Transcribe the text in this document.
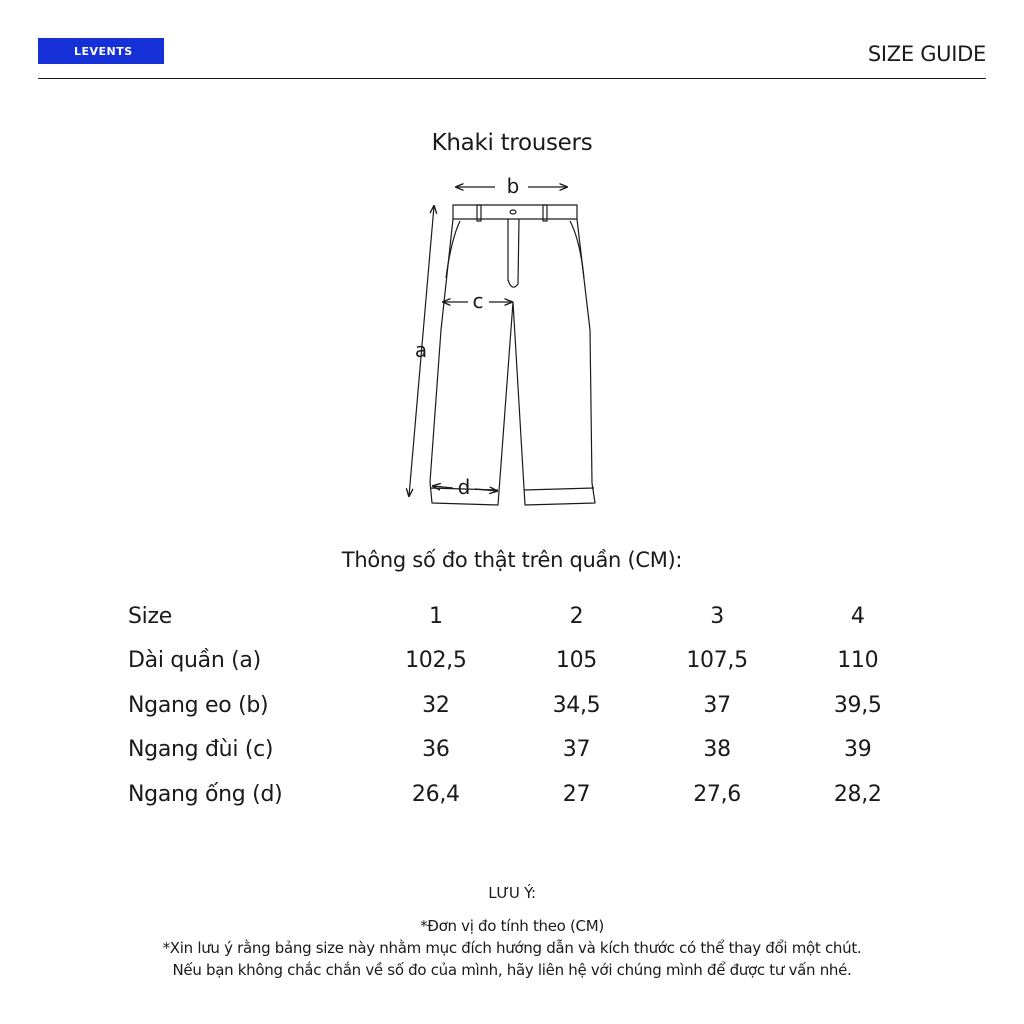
LEVENTS	SIZE GUIDE
Khaki trousers
b
c
a
d
Thông số đo thật trên quần (CM):
Size	1	2	3	4
Dài quần (a)	102,5	105	107,5	110
Ngang eo (b)	32	34,5	37	39,5
Ngang đùi (c)	36	37	38	39
Ngang ống (d)	26,4	27	27,6	28,2
LƯU Ý:
*Đơn vị đo tính theo (CM)
*Xin lưu ý rằng bảng size này nhằm mục đích hướng dẫn và kích thước có thể thay đổi một chút.
Nếu bạn không chắc chắn về số đo của mình, hãy liên hệ với chúng mình để được tư vấn nhé.
